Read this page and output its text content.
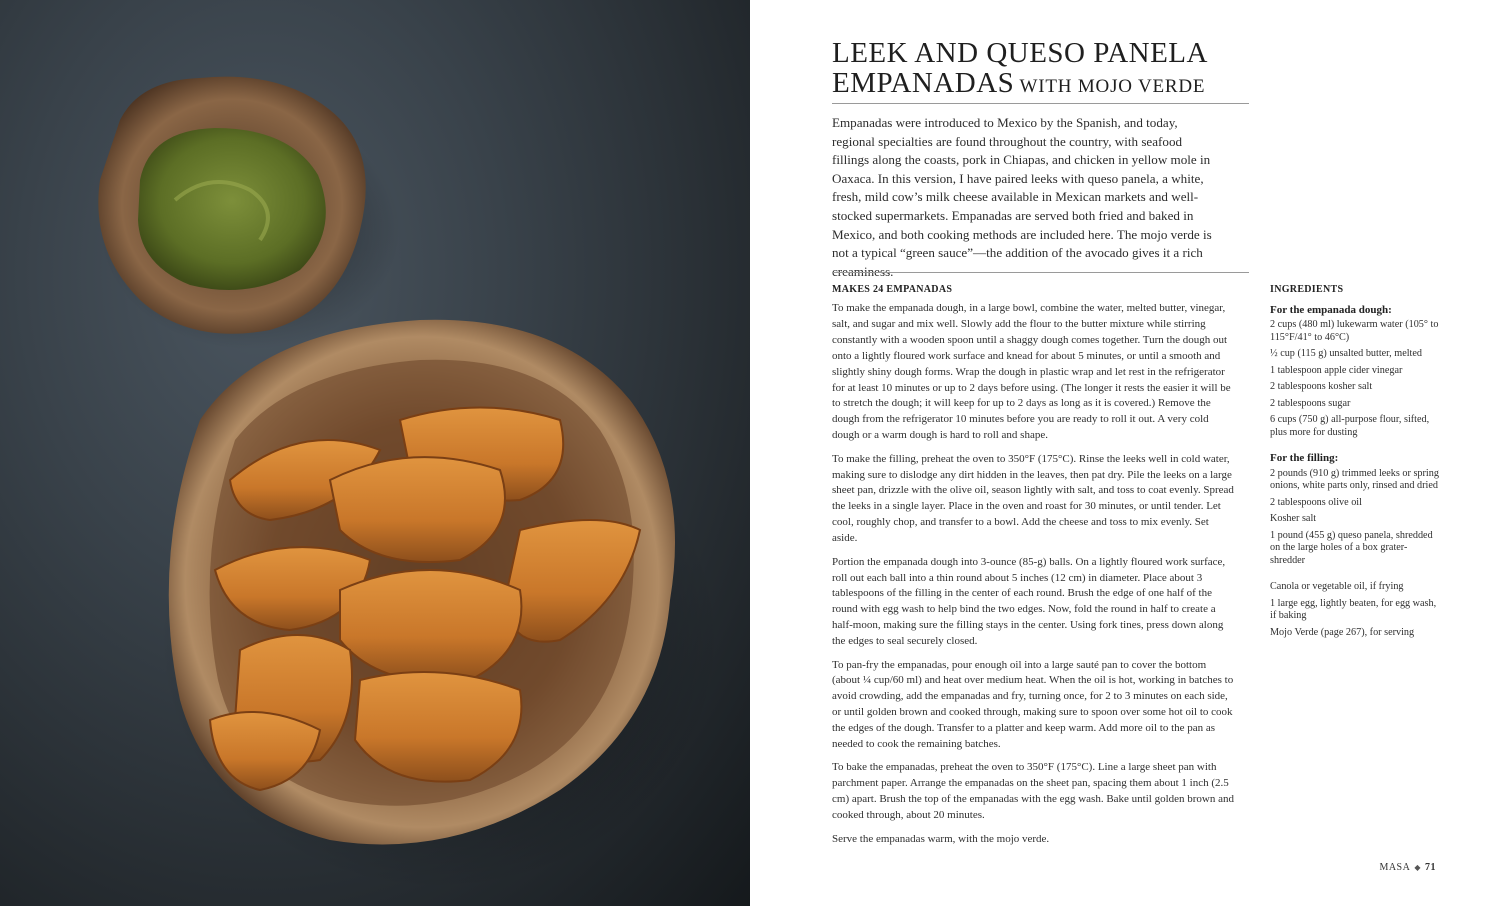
LEEK AND QUESO PANELA
EMPANADAS WITH MOJO VERDE

Empanadas were introduced to Mexico by the Spanish, and today, regional specialties are found throughout the country, with seafood fillings along the coasts, pork in Chiapas, and chicken in yellow mole in Oaxaca. In this version, I have paired leeks with queso panela, a white, fresh, mild cow’s milk cheese available in Mexican markets and well-stocked supermarkets. Empanadas are served both fried and baked in Mexico, and both cooking methods are included here. The mojo verde is not a typical “green sauce”—the addition of the avocado gives it a rich creaminess.

MAKES 24 EMPANADAS

To make the empanada dough, in a large bowl, combine the water, melted butter, vinegar, salt, and sugar and mix well. Slowly add the flour to the butter mixture while stirring constantly with a wooden spoon until a shaggy dough comes together. Turn the dough out onto a lightly floured work surface and knead for about 5 minutes, or until a smooth and slightly shiny dough forms. Wrap the dough in plastic wrap and let rest in the refrigerator for at least 10 minutes or up to 2 days before using. (The longer it rests the easier it will be to stretch the dough; it will keep for up to 2 days as long as it is covered.) Remove the dough from the refrigerator 10 minutes before you are ready to roll it out. A very cold dough or a warm dough is hard to roll and shape.

To make the filling, preheat the oven to 350°F (175°C). Rinse the leeks well in cold water, making sure to dislodge any dirt hidden in the leaves, then pat dry. Pile the leeks on a large sheet pan, drizzle with the olive oil, season lightly with salt, and toss to coat evenly. Spread the leeks in a single layer. Place in the oven and roast for 30 minutes, or until tender. Let cool, roughly chop, and transfer to a bowl. Add the cheese and toss to mix evenly. Set aside.

Portion the empanada dough into 3-ounce (85-g) balls. On a lightly floured work surface, roll out each ball into a thin round about 5 inches (12 cm) in diameter. Place about 3 tablespoons of the filling in the center of each round. Brush the edge of one half of the round with egg wash to help bind the two edges. Now, fold the round in half to create a half-moon, making sure the filling stays in the center. Using fork tines, press down along the edges to seal securely closed.

To pan-fry the empanadas, pour enough oil into a large sauté pan to cover the bottom (about ¼ cup/60 ml) and heat over medium heat. When the oil is hot, working in batches to avoid crowding, add the empanadas and fry, turning once, for 2 to 3 minutes on each side, or until golden brown and cooked through, making sure to spoon over some hot oil to cook the edges of the dough. Transfer to a platter and keep warm. Add more oil to the pan as needed to cook the remaining batches.

To bake the empanadas, preheat the oven to 350°F (175°C). Line a large sheet pan with parchment paper. Arrange the empanadas on the sheet pan, spacing them about 1 inch (2.5 cm) apart. Brush the top of the empanadas with the egg wash. Bake until golden brown and cooked through, about 20 minutes.

Serve the empanadas warm, with the mojo verde.

INGREDIENTS
For the empanada dough:
2 cups (480 ml) lukewarm water (105° to 115°F/41° to 46°C)
½ cup (115 g) unsalted butter, melted
1 tablespoon apple cider vinegar
2 tablespoons kosher salt
2 tablespoons sugar
6 cups (750 g) all-purpose flour, sifted, plus more for dusting
For the filling:
2 pounds (910 g) trimmed leeks or spring onions, white parts only, rinsed and dried
2 tablespoons olive oil
Kosher salt
1 pound (455 g) queso panela, shredded on the large holes of a box grater-shredder
Canola or vegetable oil, if frying
1 large egg, lightly beaten, for egg wash, if baking
Mojo Verde (page 267), for serving
MASA ◆ 71
